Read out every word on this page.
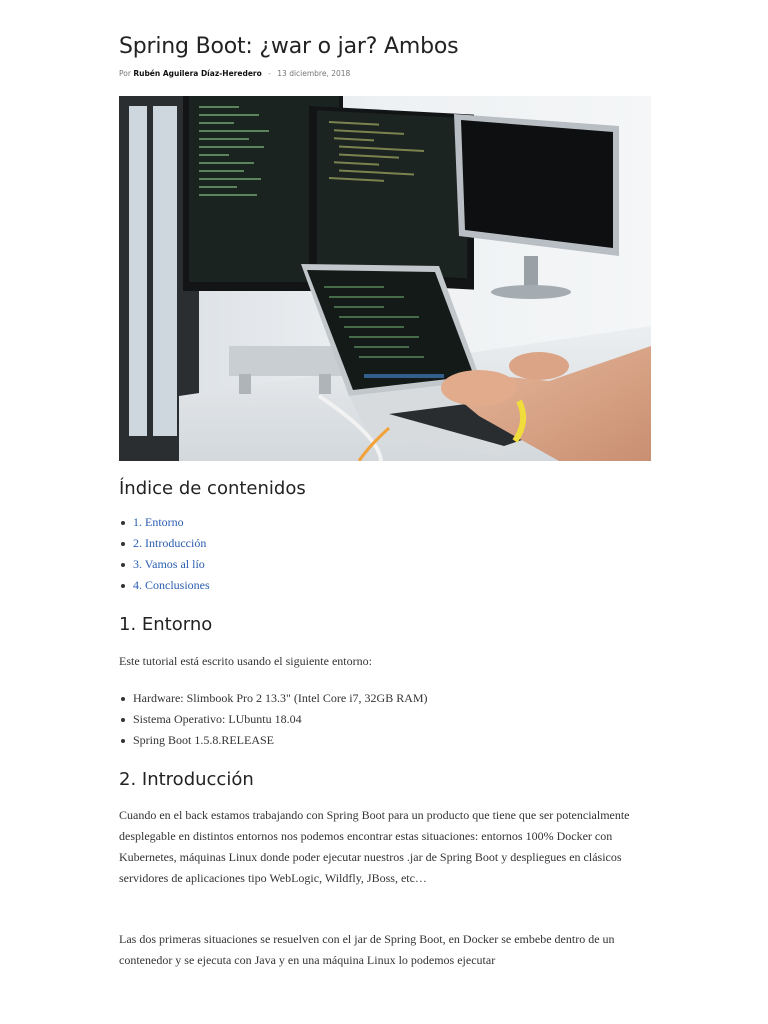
Spring Boot: ¿war o jar? Ambos
Por Rubén Aguilera Díaz-Heredero - 13 diciembre, 2018
Índice de contenidos
1. Entorno
2. Introducción
3. Vamos al lío
4. Conclusiones
1. Entorno

Este tutorial está escrito usando el siguiente entorno:

Hardware: Slimbook Pro 2 13.3" (Intel Core i7, 32GB RAM)
Sistema Operativo: LUbuntu 18.04
Spring Boot 1.5.8.RELEASE
2. Introducción

Cuando en el back estamos trabajando con Spring Boot para un producto que tiene que ser potencialmente desplegable en distintos entornos nos podemos encontrar estas situaciones: entornos 100% Docker con Kubernetes, máquinas Linux donde poder ejecutar nuestros .jar de Spring Boot y despliegues en clásicos servidores de aplicaciones tipo WebLogic, Wildfly, JBoss, etc…

Las dos primeras situaciones se resuelven con el jar de Spring Boot, en Docker se embebe dentro de un contenedor y se ejecuta con Java y en una máquina Linux lo podemos ejecutar
